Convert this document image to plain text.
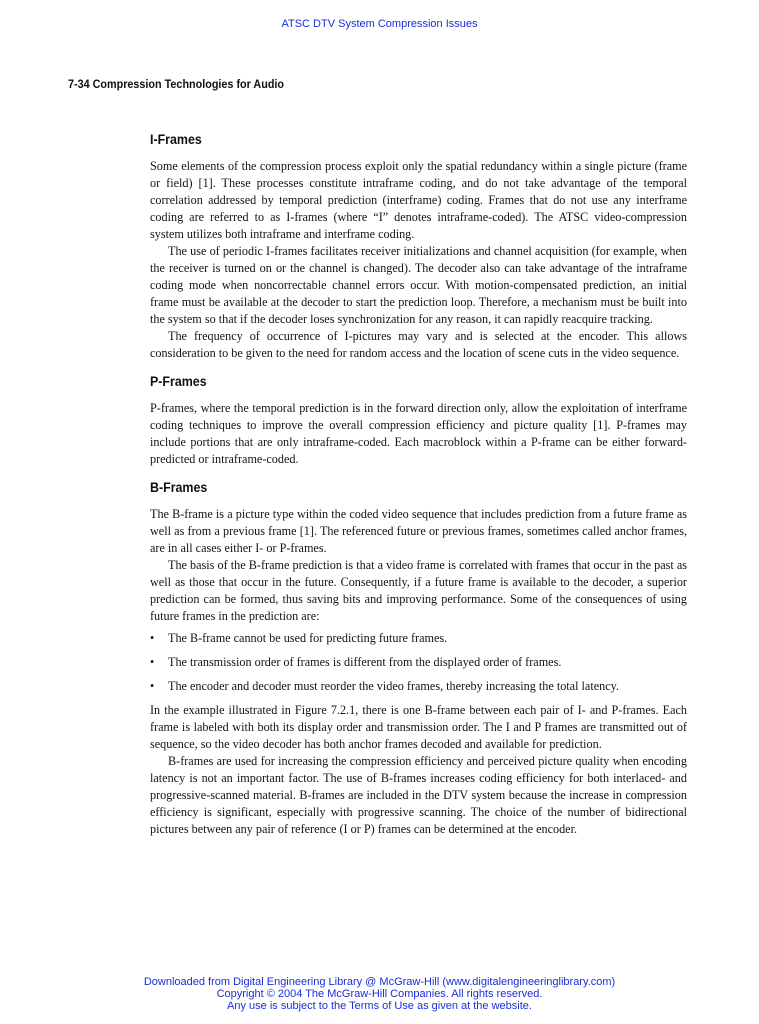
ATSC DTV System Compression Issues
7-34 Compression Technologies for Audio
I-Frames

Some elements of the compression process exploit only the spatial redundancy within a single picture (frame or field) [1]. These processes constitute intraframe coding, and do not take advantage of the temporal correlation addressed by temporal prediction (interframe) coding. Frames that do not use any interframe coding are referred to as I-frames (where “I” denotes intraframe-coded). The ATSC video-compression system utilizes both intraframe and interframe coding.

The use of periodic I-frames facilitates receiver initializations and channel acquisition (for example, when the receiver is turned on or the channel is changed). The decoder also can take advantage of the intraframe coding mode when noncorrectable channel errors occur. With motion-compensated prediction, an initial frame must be available at the decoder to start the prediction loop. Therefore, a mechanism must be built into the system so that if the decoder loses synchronization for any reason, it can rapidly reacquire tracking.

The frequency of occurrence of I-pictures may vary and is selected at the encoder. This allows consideration to be given to the need for random access and the location of scene cuts in the video sequence.

P-Frames

P-frames, where the temporal prediction is in the forward direction only, allow the exploitation of interframe coding techniques to improve the overall compression efficiency and picture quality [1]. P-frames may include portions that are only intraframe-coded. Each macroblock within a P-frame can be either forward-predicted or intraframe-coded.

B-Frames

The B-frame is a picture type within the coded video sequence that includes prediction from a future frame as well as from a previous frame [1]. The referenced future or previous frames, sometimes called anchor frames, are in all cases either I- or P-frames.

The basis of the B-frame prediction is that a video frame is correlated with frames that occur in the past as well as those that occur in the future. Consequently, if a future frame is available to the decoder, a superior prediction can be formed, thus saving bits and improving performance. Some of the consequences of using future frames in the prediction are:

• The B-frame cannot be used for predicting future frames.
• The transmission order of frames is different from the displayed order of frames.
• The encoder and decoder must reorder the video frames, thereby increasing the total latency.

In the example illustrated in Figure 7.2.1, there is one B-frame between each pair of I- and P-frames. Each frame is labeled with both its display order and transmission order. The I and P frames are transmitted out of sequence, so the video decoder has both anchor frames decoded and available for prediction.

B-frames are used for increasing the compression efficiency and perceived picture quality when encoding latency is not an important factor. The use of B-frames increases coding efficiency for both interlaced- and progressive-scanned material. B-frames are included in the DTV system because the increase in compression efficiency is significant, especially with progressive scanning. The choice of the number of bidirectional pictures between any pair of reference (I or P) frames can be determined at the encoder.

Downloaded from Digital Engineering Library @ McGraw-Hill (www.digitalengineeringlibrary.com)
Copyright © 2004 The McGraw-Hill Companies. All rights reserved.
Any use is subject to the Terms of Use as given at the website.
